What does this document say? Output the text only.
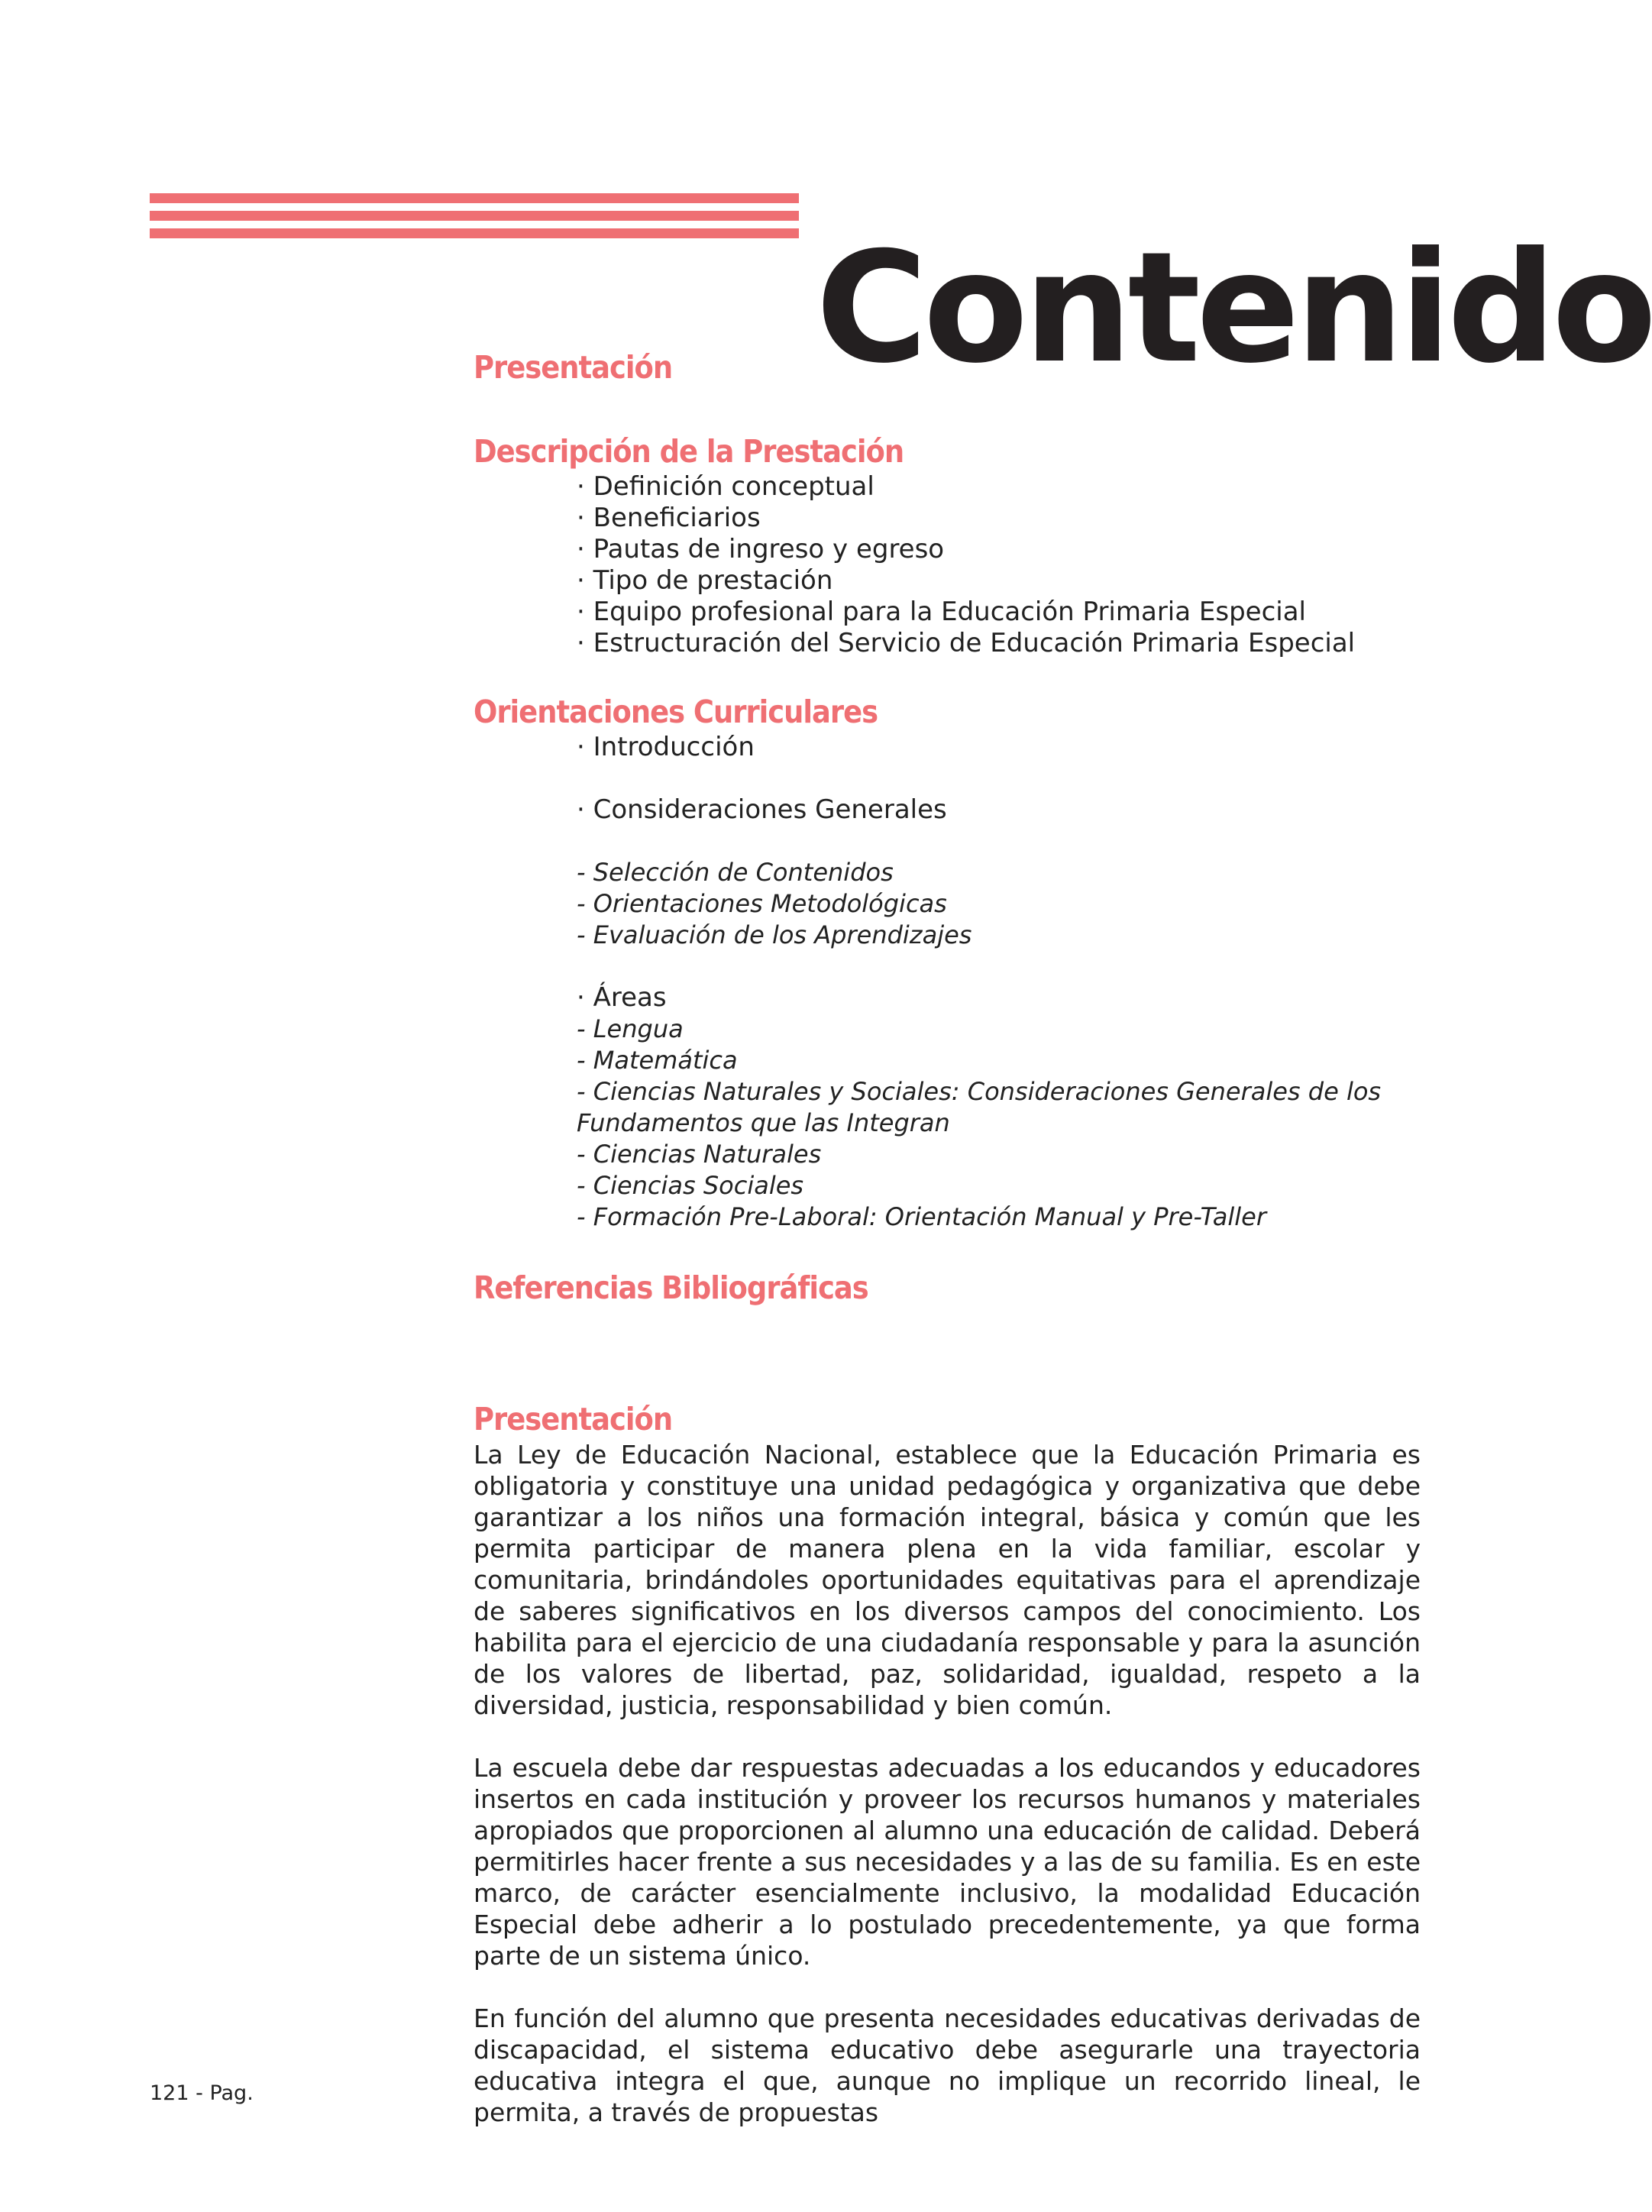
Contenido
Presentación
Descripción de la Prestación
· Definición conceptual
· Beneficiarios
· Pautas de ingreso y egreso
· Tipo de prestación
· Equipo profesional para la Educación Primaria Especial
· Estructuración del Servicio de Educación Primaria Especial
Orientaciones Curriculares
· Introducción
· Consideraciones Generales
- Selección de Contenidos
- Orientaciones Metodológicas
- Evaluación de los Aprendizajes
· Áreas
- Lengua
- Matemática
- Ciencias Naturales y Sociales: Consideraciones Generales de los Fundamentos que las Integran
- Ciencias Naturales
- Ciencias Sociales
- Formación Pre-Laboral: Orientación Manual y Pre-Taller
Referencias Bibliográficas
Presentación

La Ley de Educación Nacional, establece que la Educación Primaria es obligatoria y constituye una unidad pedagógica y organizativa que debe garantizar a los niños una formación integral, básica y común que les permita participar de manera plena en la vida familiar, escolar y comunitaria, brindándoles oportunidades equitativas para el aprendizaje de saberes significativos en los diversos campos del conocimiento. Los habilita para el ejercicio de una ciudadanía responsable y para la asunción de los valores de libertad, paz, solidaridad, igualdad, respeto a la diversidad, justicia, responsabilidad y bien común.

La escuela debe dar respuestas adecuadas a los educandos y educadores insertos en cada institución y proveer los recursos humanos y materiales apropiados que proporcionen al alumno una educación de calidad. Deberá permitirles hacer frente a sus necesidades y a las de su familia. Es en este marco, de carácter esencialmente inclusivo, la modalidad Educación Especial debe adherir a lo postulado precedentemente, ya que forma parte de un sistema único.

En función del alumno que presenta necesidades educativas derivadas de discapacidad, el sistema educativo debe asegurarle una trayectoria educativa integra el que, aunque no implique un recorrido lineal, le permita, a través de propuestas

121 - Pag.
